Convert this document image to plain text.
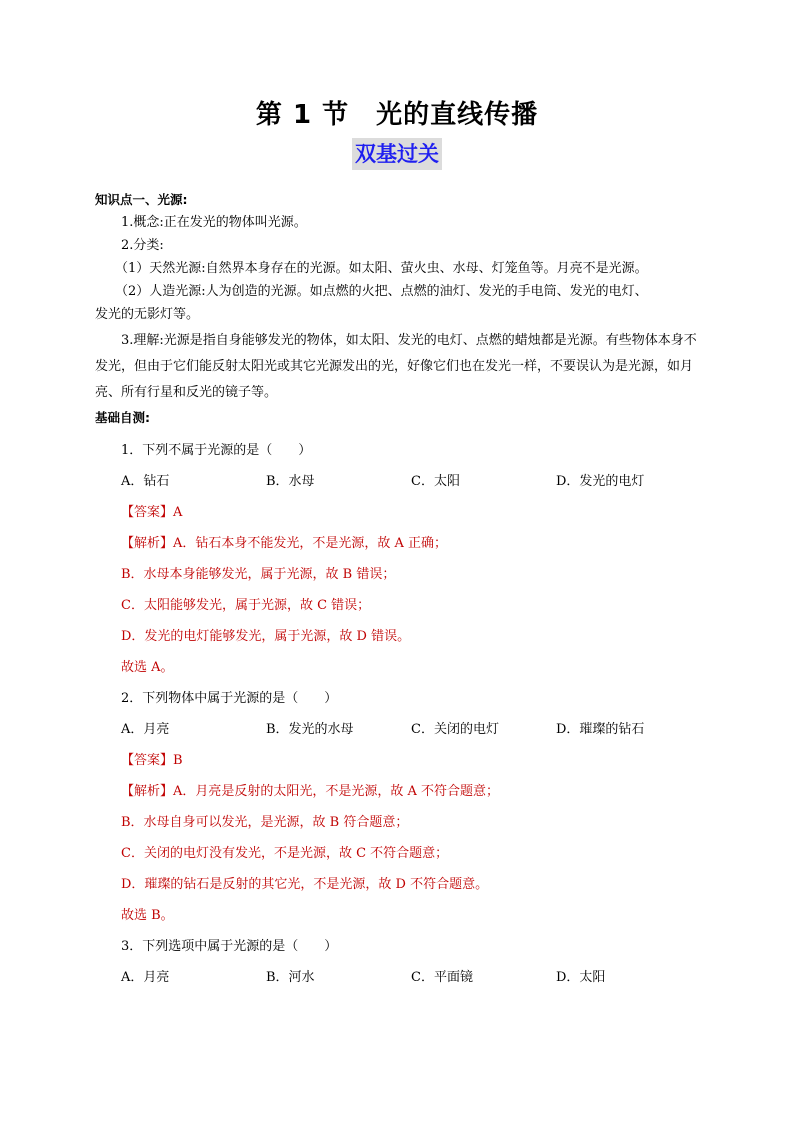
第 1 节　光的直线传播
双基过关

知识点一、光源:

1.概念:正在发光的物体叫光源。

2.分类:

（1）天然光源:自然界本身存在的光源。如太阳、萤火虫、水母、灯笼鱼等。月亮不是光源。

（2）人造光源:人为创造的光源。如点燃的火把、点燃的油灯、发光的手电筒、发光的电灯、

发光的无影灯等。

3.理解:光源是指自身能够发光的物体，如太阳、发光的电灯、点燃的蜡烛都是光源。有些物体本身不发光，但由于它们能反射太阳光或其它光源发出的光，好像它们也在发光一样，不要误认为是光源，如月亮、所有行星和反光的镜子等。

基础自测:

1．下列不属于光源的是（　　）

A．钻石	B．水母	C．太阳	D．发光的电灯

【答案】A

【解析】A．钻石本身不能发光，不是光源，故 A 正确；

B．水母本身能够发光，属于光源，故 B 错误；

C．太阳能够发光，属于光源，故 C 错误；

D．发光的电灯能够发光，属于光源，故 D 错误。

故选 A。

2．下列物体中属于光源的是（　　）

A．月亮	B．发光的水母	C．关闭的电灯	D．璀璨的钻石

【答案】B

【解析】A．月亮是反射的太阳光，不是光源，故 A 不符合题意；

B．水母自身可以发光，是光源，故 B 符合题意；

C．关闭的电灯没有发光，不是光源，故 C 不符合题意；

D．璀璨的钻石是反射的其它光，不是光源，故 D 不符合题意。

故选 B。

3．下列选项中属于光源的是（　　）

A．月亮	B．河水	C．平面镜	D．太阳
